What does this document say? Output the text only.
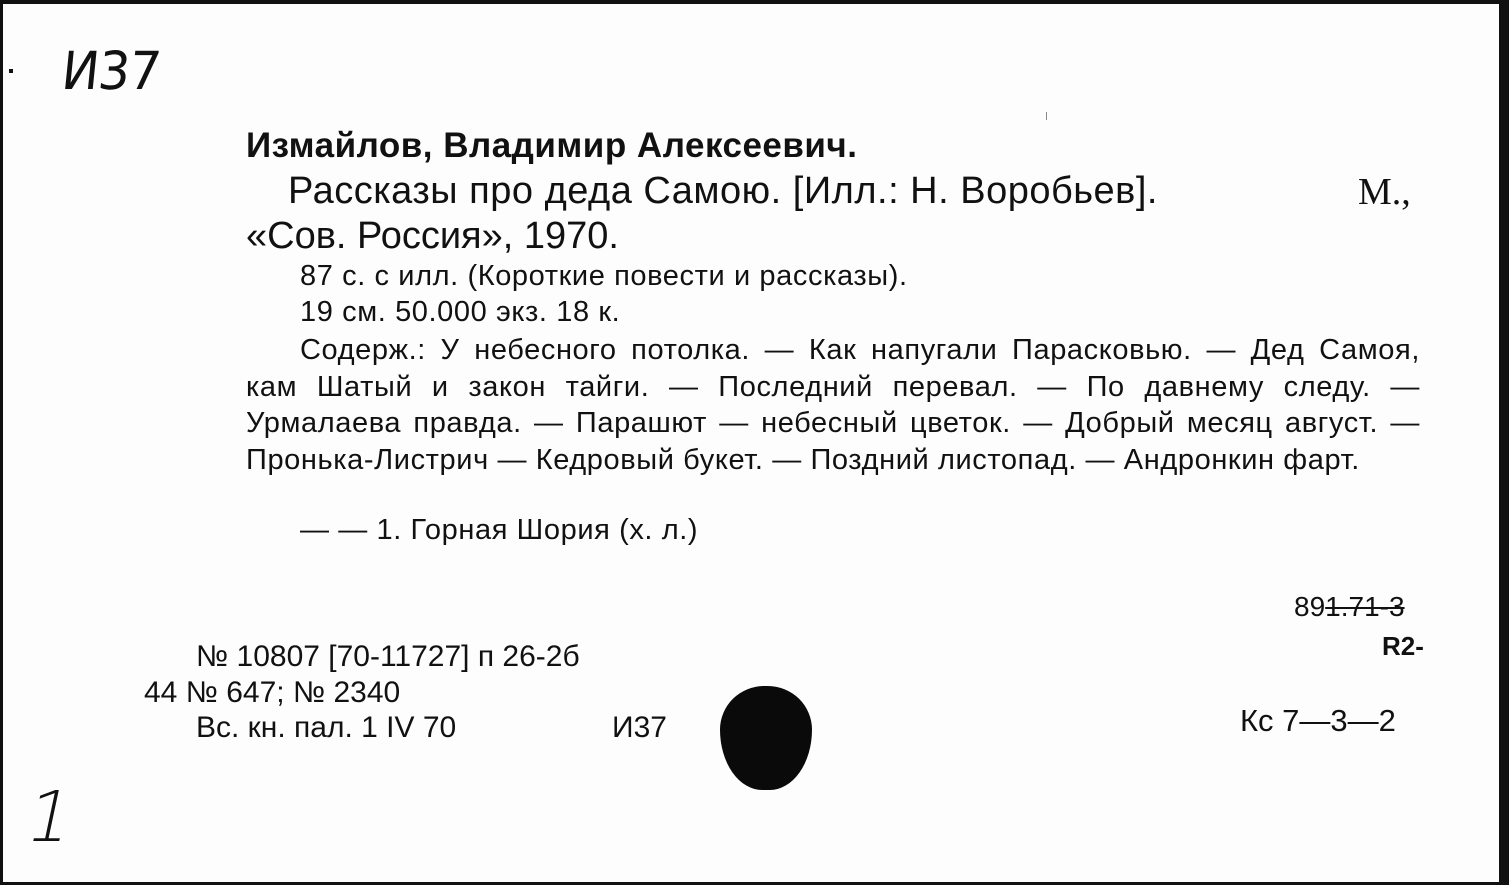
И37
Измайлов, Владимир Алексеевич.
Рассказы про деда Самою. [Илл.: Н. Воробьев].	М.,
«Сов. Россия», 1970.
87 с. с илл. (Короткие повести и рассказы).
19 см. 50.000 экз. 18 к.
Содерж.: У небесного потолка. — Как напугали Парасковью. — Дед Самоя, кам Шатый и закон тайги. — Последний перевал. — По давнему следу. — Урмалаева правда. — Парашют — небесный цветок. — Добрый месяц август. — Пронька-Листрич — Кедровый букет. — Поздний листопад. — Андронкин фарт.
— — 1. Горная Шория (х. л.)
№ 10807 [70-11727] п 26-2б
44 № 647; № 2340
Вс. кн. пал. 1 IV 70	И37
891.71-3
R2-
Кс 7—3—2
1
